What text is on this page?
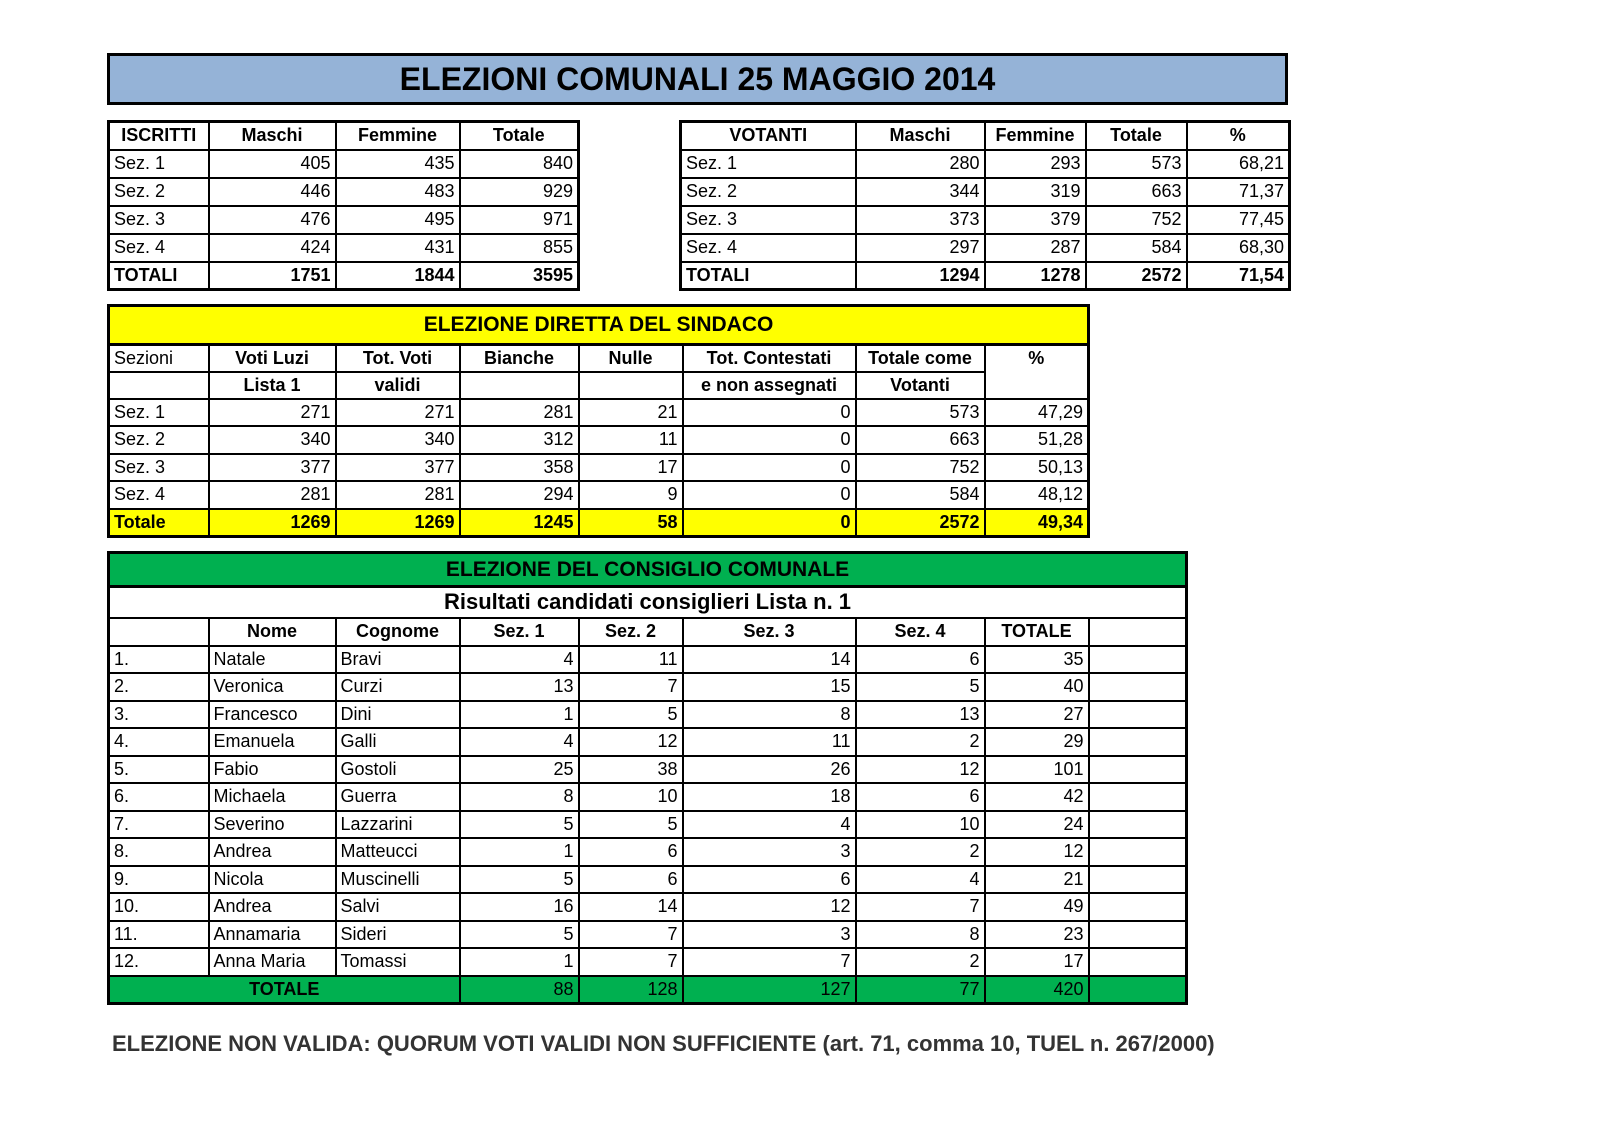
ELEZIONI COMUNALI 25 MAGGIO 2014
ISCRITTI	Maschi	Femmine	Totale
Sez. 1	405	435	840
Sez. 2	446	483	929
Sez. 3	476	495	971
Sez. 4	424	431	855
TOTALI	1751	1844	3595
VOTANTI	Maschi	Femmine	Totale	%
Sez. 1	280	293	573	68,21
Sez. 2	344	319	663	71,37
Sez. 3	373	379	752	77,45
Sez. 4	297	287	584	68,30
TOTALI	1294	1278	2572	71,54
ELEZIONE DIRETTA DEL SINDACO							
Sezioni	Voti Luzi	Tot. Voti	Bianche	Nulle	Tot. Contestati	Totale come	%
	Lista 1	validi			e non assegnati	Votanti	
Sez. 1	271	271	281	21	0	573	47,29
Sez. 2	340	340	312	11	0	663	51,28
Sez. 3	377	377	358	17	0	752	50,13
Sez. 4	281	281	294	9	0	584	48,12
Totale	1269	1269	1245	58	0	2572	49,34
ELEZIONE DEL CONSIGLIO COMUNALE								
Risultati candidati consiglieri Lista n. 1								
	Nome	Cognome	Sez. 1	Sez. 2	Sez. 3	Sez. 4	TOTALE	
1.	Natale	Bravi	4	11	14	6	35	
2.	Veronica	Curzi	13	7	15	5	40	
3.	Francesco	Dini	1	5	8	13	27	
4.	Emanuela	Galli	4	12	11	2	29	
5.	Fabio	Gostoli	25	38	26	12	101	
6.	Michaela	Guerra	8	10	18	6	42	
7.	Severino	Lazzarini	5	5	4	10	24	
8.	Andrea	Matteucci	1	6	3	2	12	
9.	Nicola	Muscinelli	5	6	6	4	21	
10.	Andrea	Salvi	16	14	12	7	49	
11.	Annamaria	Sideri	5	7	3	8	23	
12.	Anna Maria	Tomassi	1	7	7	2	17	
TOTALE			88	128	127	77	420	
ELEZIONE NON VALIDA: QUORUM VOTI VALIDI NON SUFFICIENTE (art. 71, comma 10, TUEL n. 267/2000)
